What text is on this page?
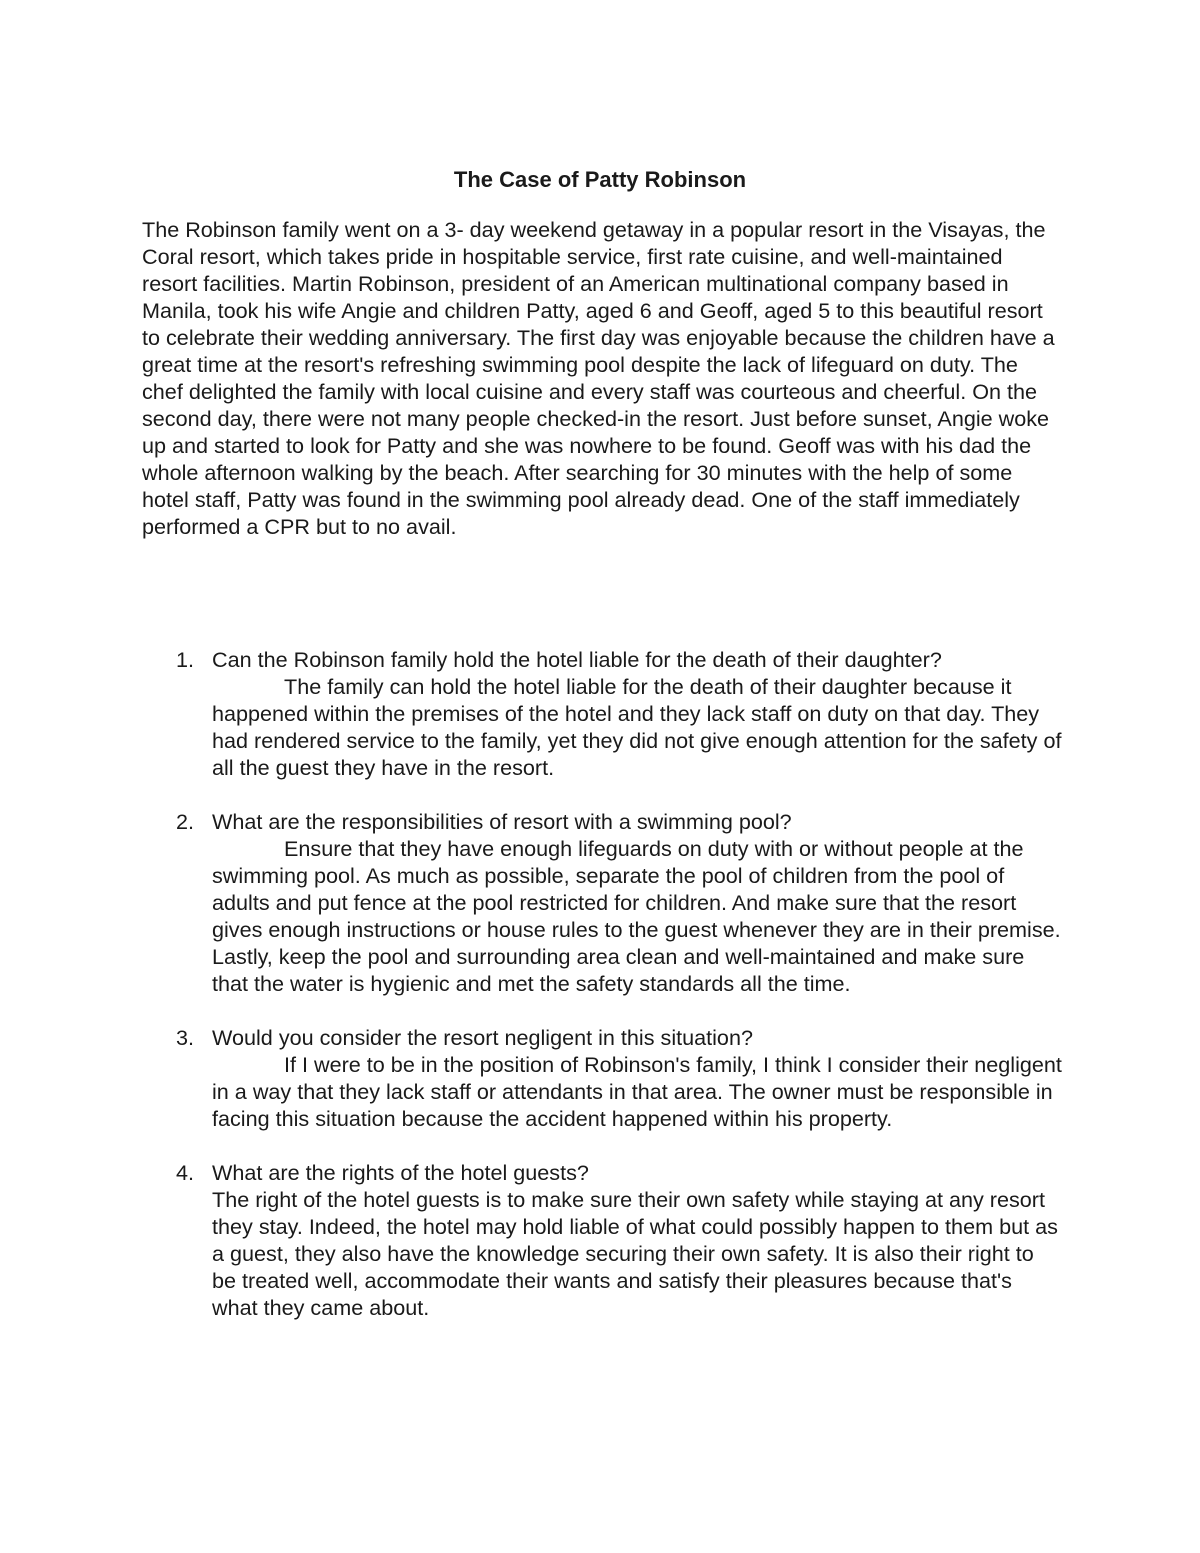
The Case of Patty Robinson
The Robinson family went on a 3- day weekend getaway in a popular resort in the Visayas, the Coral resort, which takes pride in hospitable service, first rate cuisine, and well-maintained resort facilities. Martin Robinson, president of an American multinational company based in Manila, took his wife Angie and children Patty, aged 6 and Geoff, aged 5 to this beautiful resort to celebrate their wedding anniversary. The first day was enjoyable because the children have a great time at the resort's refreshing swimming pool despite the lack of lifeguard on duty. The chef delighted the family with local cuisine and every staff was courteous and cheerful. On the second day, there were not many people checked-in the resort. Just before sunset, Angie woke up and started to look for Patty and she was nowhere to be found. Geoff was with his dad the whole afternoon walking by the beach. After searching for 30 minutes with the help of some hotel staff, Patty was found in the swimming pool already dead. One of the staff immediately performed a CPR but to no avail.
1. Can the Robinson family hold the hotel liable for the death of their daughter?
The family can hold the hotel liable for the death of their daughter because it happened within the premises of the hotel and they lack staff on duty on that day. They had rendered service to the family, yet they did not give enough attention for the safety of all the guest they have in the resort.
2. What are the responsibilities of resort with a swimming pool?
Ensure that they have enough lifeguards on duty with or without people at the swimming pool. As much as possible, separate the pool of children from the pool of adults and put fence at the pool restricted for children. And make sure that the resort gives enough instructions or house rules to the guest whenever they are in their premise. Lastly, keep the pool and surrounding area clean and well-maintained and make sure that the water is hygienic and met the safety standards all the time.
3. Would you consider the resort negligent in this situation?
If I were to be in the position of Robinson's family, I think I consider their negligent in a way that they lack staff or attendants in that area. The owner must be responsible in facing this situation because the accident happened within his property.
4. What are the rights of the hotel guests?
The right of the hotel guests is to make sure their own safety while staying at any resort they stay. Indeed, the hotel may hold liable of what could possibly happen to them but as a guest, they also have the knowledge securing their own safety. It is also their right to be treated well, accommodate their wants and satisfy their pleasures because that's what they came about.
